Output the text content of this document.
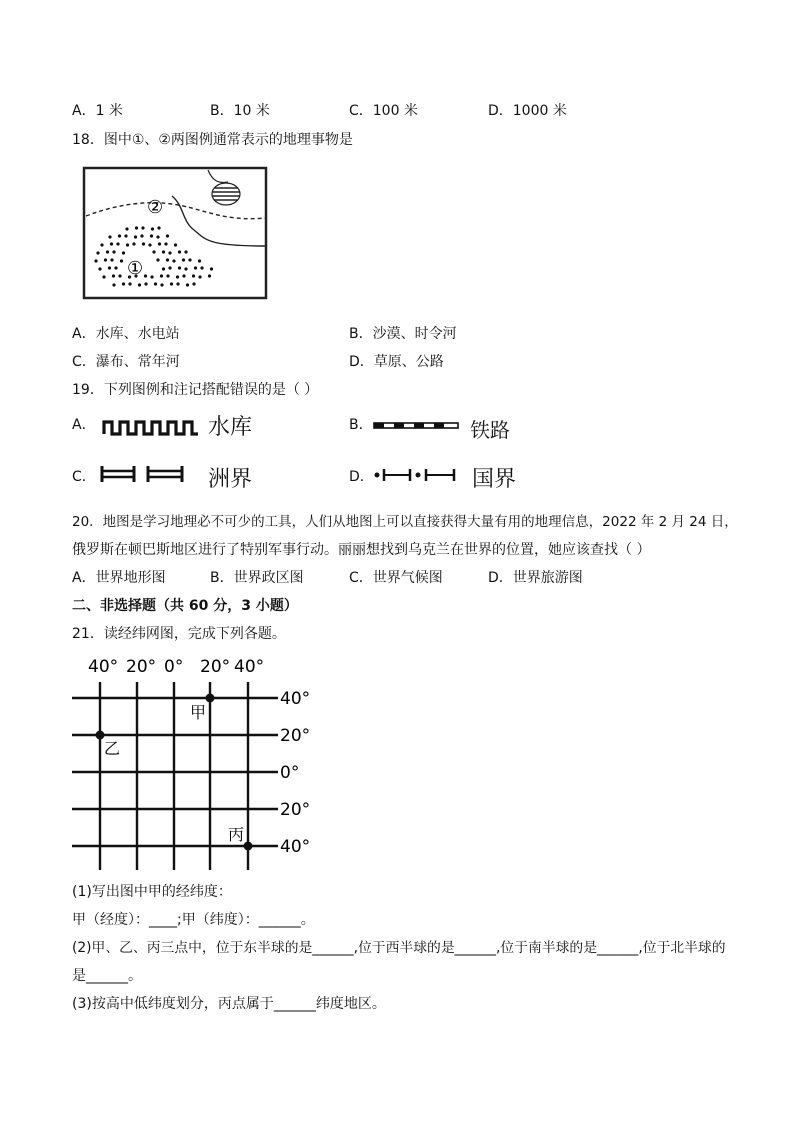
A．1 米	B．10 米	C．100 米	D．1000 米
18．图中①、②两图例通常表示的地理事物是
②
①
A．水库、水电站	B．沙漠、时令河
C．瀑布、常年河	D．草原、公路
19．下列图例和注记搭配错误的是（ ）
A．	水库	B．	铁路
C．	洲界	D．	国界
20．地图是学习地理必不可少的工具，人们从地图上可以直接获得大量有用的地理信息，2022 年 2 月 24 日，
俄罗斯在顿巴斯地区进行了特别军事行动。丽丽想找到乌克兰在世界的位置，她应该查找（ ）
A．世界地形图	B．世界政区图	C．世界气候图	D．世界旅游图
二、非选择题（共 60 分，3 小题）
21．读经纬网图，完成下列各题。
40° 20° 0° 20° 40°
40°
20°
0°
20°
40°
甲
乙
丙
(1)写出图中甲的经纬度：
甲（经度）：____;甲（纬度）：______。
(2)甲、乙、丙三点中，位于东半球的是______,位于西半球的是______,位于南半球的是______,位于北半球的
是______。
(3)按高中低纬度划分，丙点属于______纬度地区。
